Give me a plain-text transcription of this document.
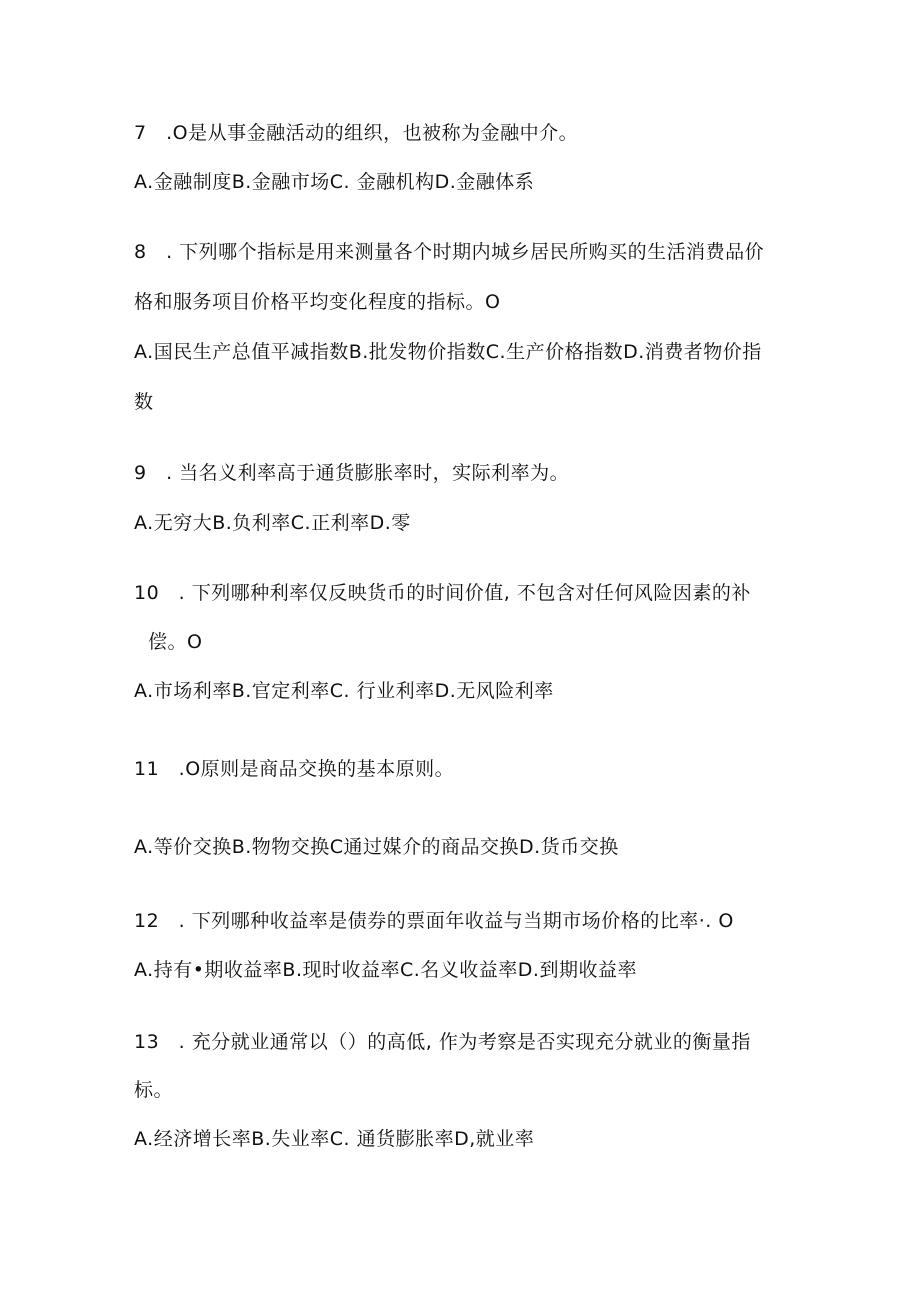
7　.O是从事金融活动的组织，也被称为金融中介。
A.金融制度B.金融市场C. 金融机构D.金融体系
8　. 下列哪个指标是用来测量各个时期内城乡居民所购买的生活消费品价
格和服务项目价格平均变化程度的指标。O
A.国民生产总值平减指数B.批发物价指数C.生产价格指数D.消费者物价指
数
9　. 当名义利率高于通货膨胀率时，实际利率为。
A.无穷大B.负利率C.正利率D.零
10　. 下列哪种利率仅反映货币的时间价值, 不包含对任何风险因素的补
偿。O
A.市场利率B.官定利率C. 行业利率D.无风险利率
11　.O原则是商品交换的基本原则。
A.等价交换B.物物交换C通过媒介的商品交换D.货币交换
12　. 下列哪种收益率是债券的票面年收益与当期市场价格的比率·. O
A.持有•期收益率B.现时收益率C.名义收益率D.到期收益率
13　. 充分就业通常以（）的高低, 作为考察是否实现充分就业的衡量指
标。
A.经济增长率B.失业率C. 通货膨胀率D,就业率
